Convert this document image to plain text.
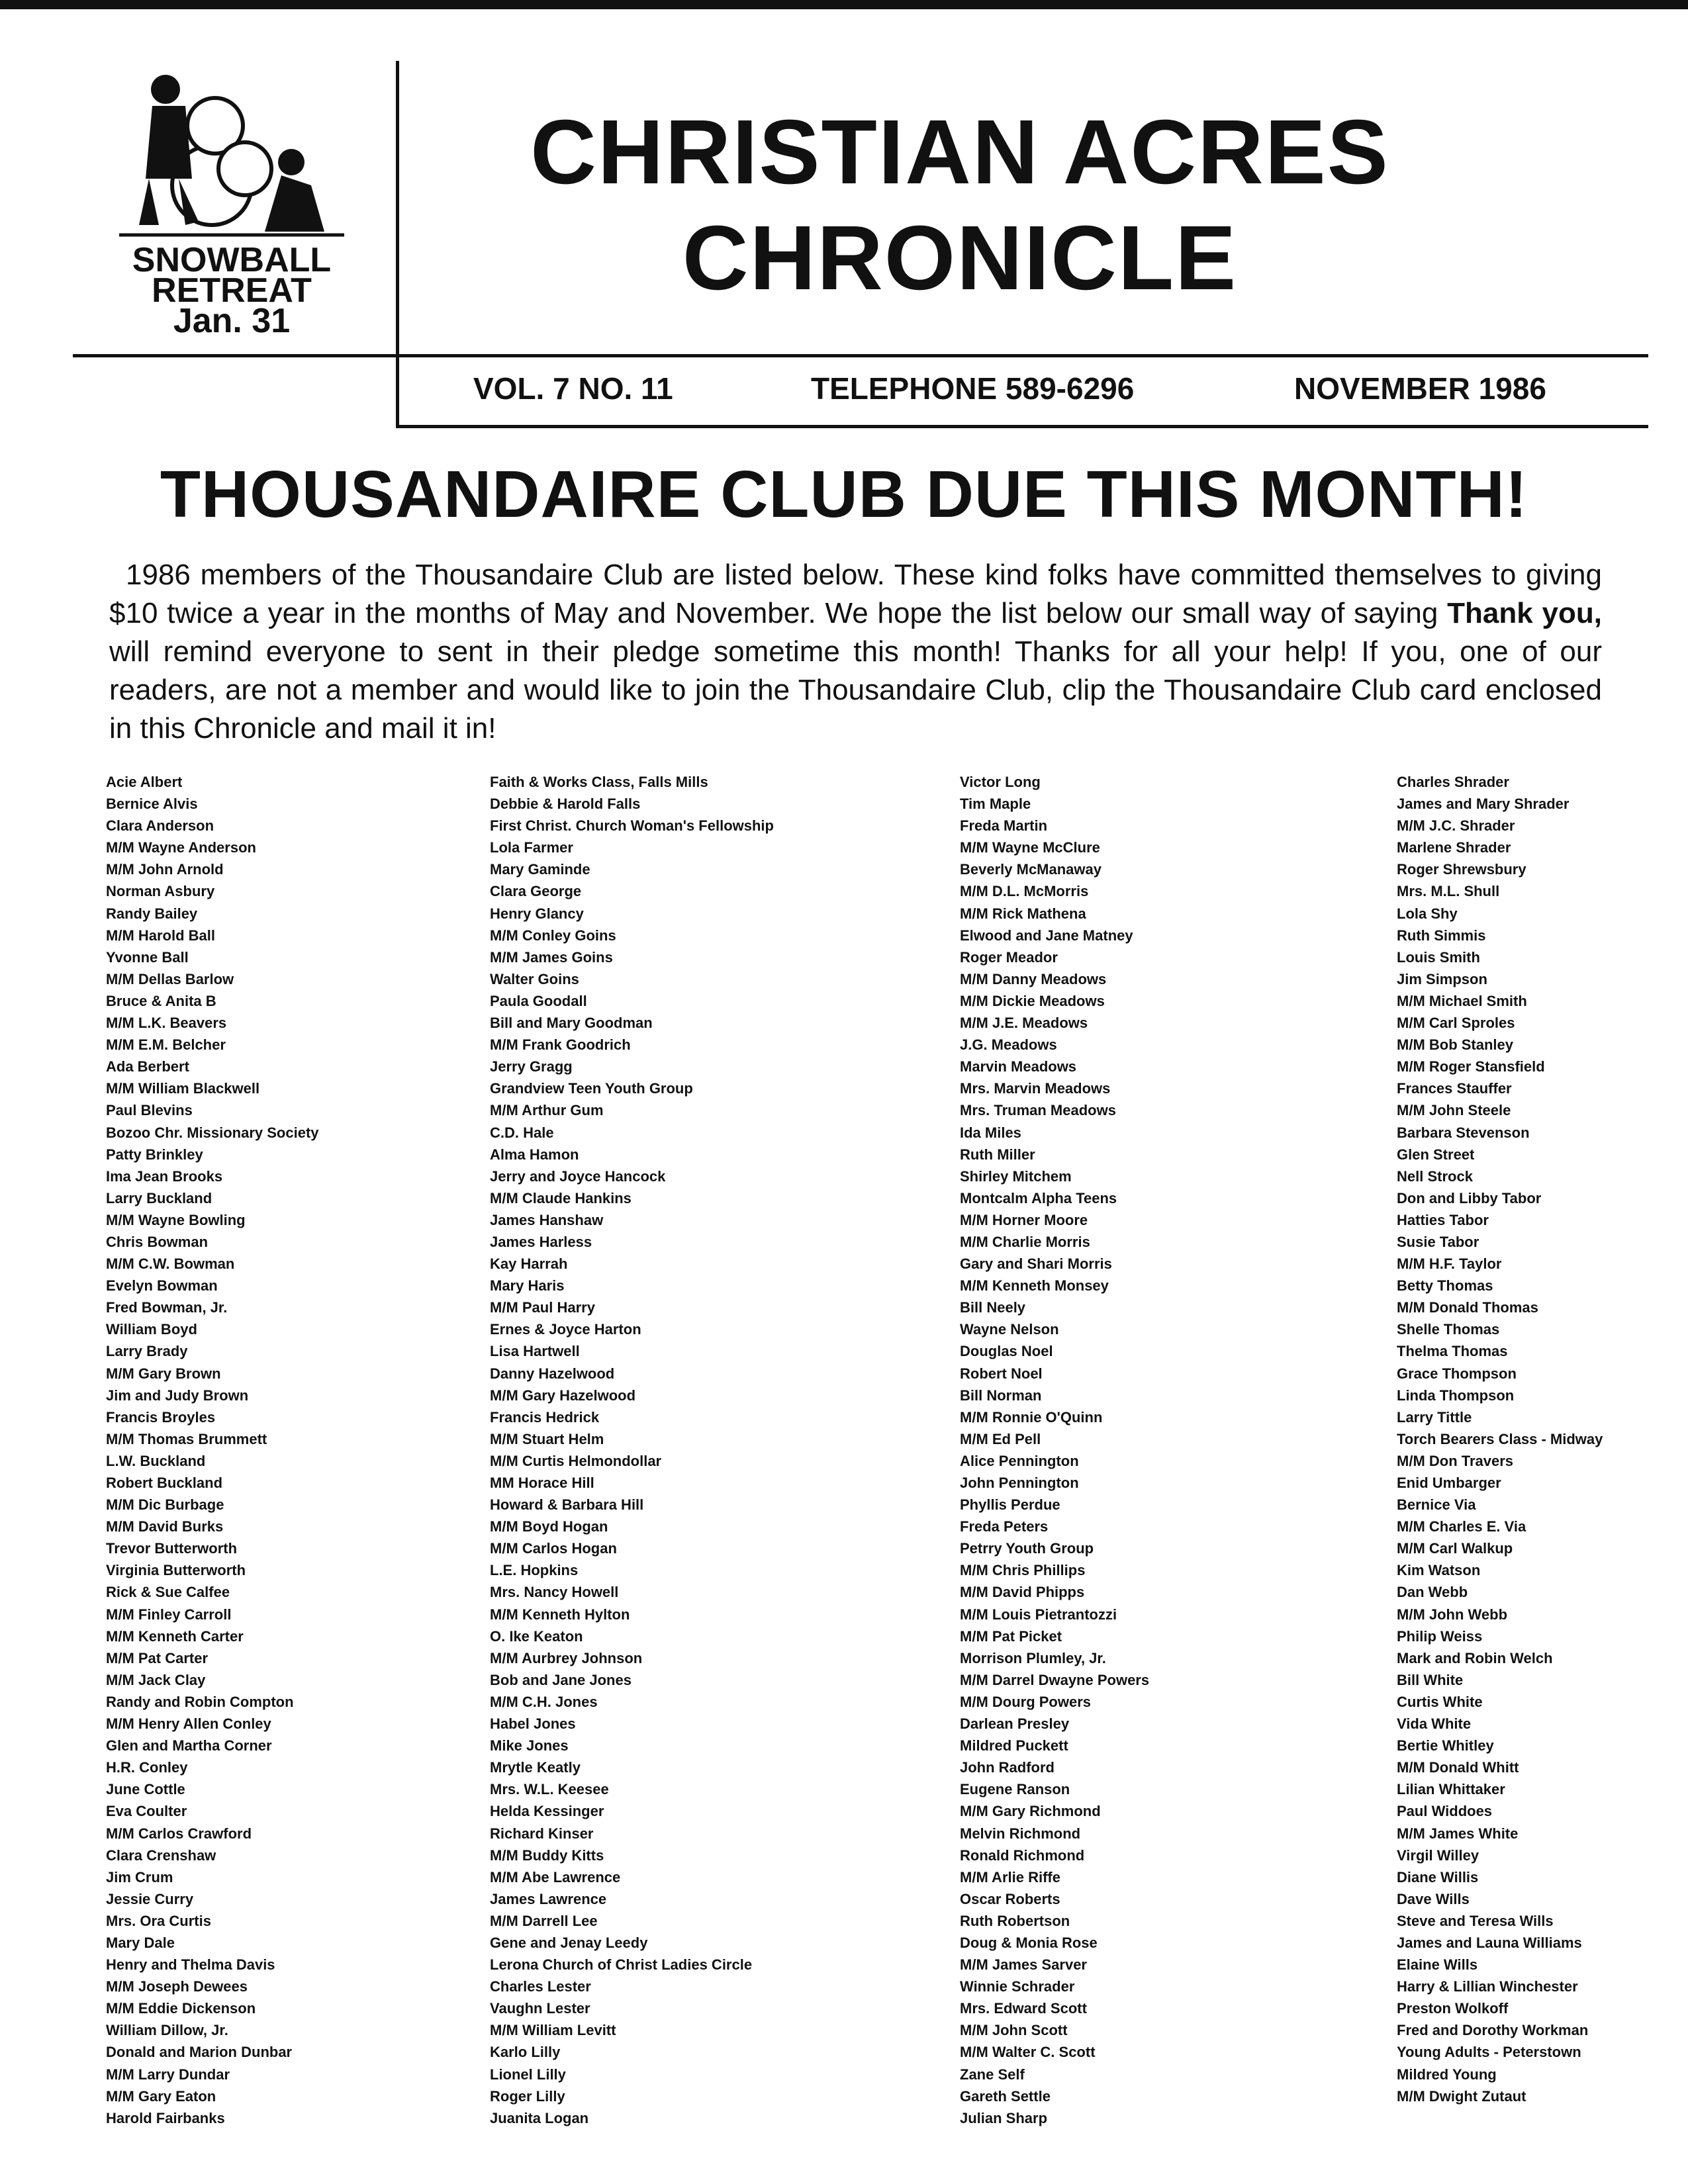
SNOWBALL
RETREAT
Jan. 31
CHRISTIAN ACRES
CHRONICLE
VOL. 7 NO. 11	TELEPHONE 589-6296	NOVEMBER 1986
THOUSANDAIRE CLUB DUE THIS MONTH!

1986 members of the Thousandaire Club are listed below. These kind folks have committed themselves to giving $10 twice a year in the months of May and November. We hope the list below our small way of saying Thank you, will remind everyone to sent in their pledge sometime this month! Thanks for all your help! If you, one of our readers, are not a member and would like to join the Thousandaire Club, clip the Thousandaire Club card enclosed in this Chronicle and mail it in!

Acie Albert
Bernice Alvis
Clara Anderson
M/M Wayne Anderson
M/M John Arnold
Norman Asbury
Randy Bailey
M/M Harold Ball
Yvonne Ball
M/M Dellas Barlow
Bruce & Anita B
M/M L.K. Beavers
M/M E.M. Belcher
Ada Berbert
M/M William Blackwell
Paul Blevins
Bozoo Chr. Missionary Society
Patty Brinkley
Ima Jean Brooks
Larry Buckland
M/M Wayne Bowling
Chris Bowman
M/M C.W. Bowman
Evelyn Bowman
Fred Bowman, Jr.
William Boyd
Larry Brady
M/M Gary Brown
Jim and Judy Brown
Francis Broyles
M/M Thomas Brummett
L.W. Buckland
Robert Buckland
M/M Dic Burbage
M/M David Burks
Trevor Butterworth
Virginia Butterworth
Rick & Sue Calfee
M/M Finley Carroll
M/M Kenneth Carter
M/M Pat Carter
M/M Jack Clay
Randy and Robin Compton
M/M Henry Allen Conley
Glen and Martha Corner
H.R. Conley
June Cottle
Eva Coulter
M/M Carlos Crawford
Clara Crenshaw
Jim Crum
Jessie Curry
Mrs. Ora Curtis
Mary Dale
Henry and Thelma Davis
M/M Joseph Dewees
M/M Eddie Dickenson
William Dillow, Jr.
Donald and Marion Dunbar
M/M Larry Dundar
M/M Gary Eaton
Harold Fairbanks
Faith & Works Class, Falls Mills
Debbie & Harold Falls
First Christ. Church Woman's Fellowship
Lola Farmer
Mary Gaminde
Clara George
Henry Glancy
M/M Conley Goins
M/M James Goins
Walter Goins
Paula Goodall
Bill and Mary Goodman
M/M Frank Goodrich
Jerry Gragg
Grandview Teen Youth Group
M/M Arthur Gum
C.D. Hale
Alma Hamon
Jerry and Joyce Hancock
M/M Claude Hankins
James Hanshaw
James Harless
Kay Harrah
Mary Haris
M/M Paul Harry
Ernes & Joyce Harton
Lisa Hartwell
Danny Hazelwood
M/M Gary Hazelwood
Francis Hedrick
M/M Stuart Helm
M/M Curtis Helmondollar
MM Horace Hill
Howard & Barbara Hill
M/M Boyd Hogan
M/M Carlos Hogan
L.E. Hopkins
Mrs. Nancy Howell
M/M Kenneth Hylton
O. Ike Keaton
M/M Aurbrey Johnson
Bob and Jane Jones
M/M C.H. Jones
Habel Jones
Mike Jones
Mrytle Keatly
Mrs. W.L. Keesee
Helda Kessinger
Richard Kinser
M/M Buddy Kitts
M/M Abe Lawrence
James Lawrence
M/M Darrell Lee
Gene and Jenay Leedy
Lerona Church of Christ Ladies Circle
Charles Lester
Vaughn Lester
M/M William Levitt
Karlo Lilly
Lionel Lilly
Roger Lilly
Juanita Logan
Victor Long
Tim Maple
Freda Martin
M/M Wayne McClure
Beverly McManaway
M/M D.L. McMorris
M/M Rick Mathena
Elwood and Jane Matney
Roger Meador
M/M Danny Meadows
M/M Dickie Meadows
M/M J.E. Meadows
J.G. Meadows
Marvin Meadows
Mrs. Marvin Meadows
Mrs. Truman Meadows
Ida Miles
Ruth Miller
Shirley Mitchem
Montcalm Alpha Teens
M/M Horner Moore
M/M Charlie Morris
Gary and Shari Morris
M/M Kenneth Monsey
Bill Neely
Wayne Nelson
Douglas Noel
Robert Noel
Bill Norman
M/M Ronnie O'Quinn
M/M Ed Pell
Alice Pennington
John Pennington
Phyllis Perdue
Freda Peters
Petrry Youth Group
M/M Chris Phillips
M/M David Phipps
M/M Louis Pietrantozzi
M/M Pat Picket
Morrison Plumley, Jr.
M/M Darrel Dwayne Powers
M/M Dourg Powers
Darlean Presley
Mildred Puckett
John Radford
Eugene Ranson
M/M Gary Richmond
Melvin Richmond
Ronald Richmond
M/M Arlie Riffe
Oscar Roberts
Ruth Robertson
Doug & Monia Rose
M/M James Sarver
Winnie Schrader
Mrs. Edward Scott
M/M John Scott
M/M Walter C. Scott
Zane Self
Gareth Settle
Julian Sharp
Charles Shrader
James and Mary Shrader
M/M J.C. Shrader
Marlene Shrader
Roger Shrewsbury
Mrs. M.L. Shull
Lola Shy
Ruth Simmis
Louis Smith
Jim Simpson
M/M Michael Smith
M/M Carl Sproles
M/M Bob Stanley
M/M Roger Stansfield
Frances Stauffer
M/M John Steele
Barbara Stevenson
Glen Street
Nell Strock
Don and Libby Tabor
Hatties Tabor
Susie Tabor
M/M H.F. Taylor
Betty Thomas
M/M Donald Thomas
Shelle Thomas
Thelma Thomas
Grace Thompson
Linda Thompson
Larry Tittle
Torch Bearers Class - Midway
M/M Don Travers
Enid Umbarger
Bernice Via
M/M Charles E. Via
M/M Carl Walkup
Kim Watson
Dan Webb
M/M John Webb
Philip Weiss
Mark and Robin Welch
Bill White
Curtis White
Vida White
Bertie Whitley
M/M Donald Whitt
Lilian Whittaker
Paul Widdoes
M/M James White
Virgil Willey
Diane Willis
Dave Wills
Steve and Teresa Wills
James and Launa Williams
Elaine Wills
Harry & Lillian Winchester
Preston Wolkoff
Fred and Dorothy Workman
Young Adults - Peterstown
Mildred Young
M/M Dwight Zutaut
